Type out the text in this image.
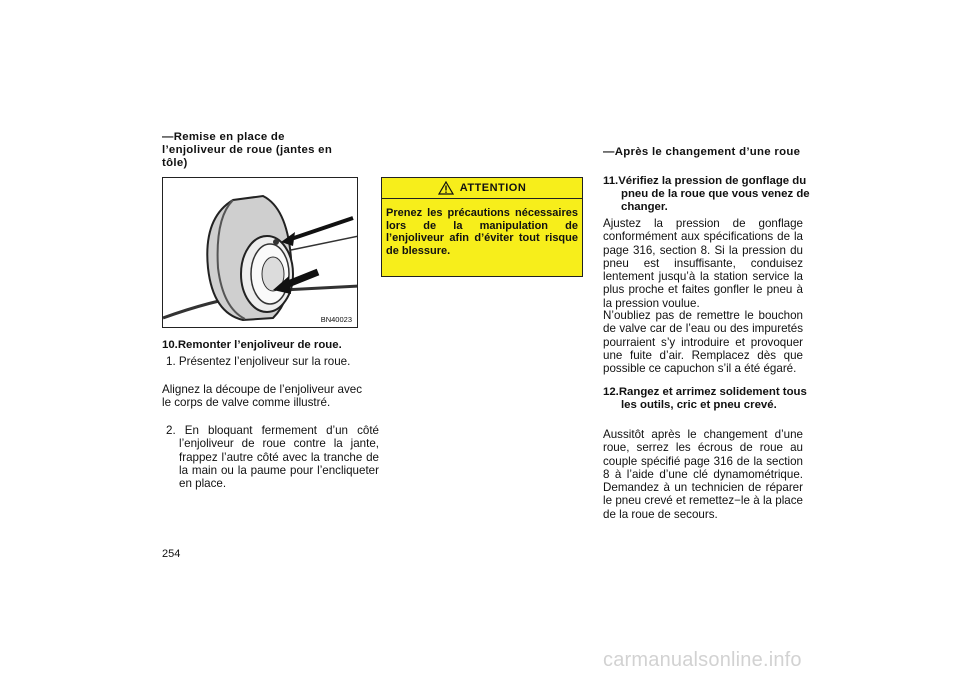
—Remise en place de l’enjoliveur de roue (jantes en tôle)
BN40023
10.Remonter l’enjoliveur de roue.
1. Présentez l’enjoliveur sur la roue.
Alignez la découpe de l’enjoliveur avec le corps de valve comme illustré.
2. En bloquant fermement d’un côté l’enjoliveur de roue contre la jante, frappez l’autre côté avec la tranche de la main ou la paume pour l’encliqueter en place.
ATTENTION
Prenez les précautions nécessaires lors de la manipulation de l’enjoliveur afin d’éviter tout risque de blessure.
—Après le changement d’une roue
11.Vérifiez la pression de gonflage du pneu de la roue que vous venez de changer.
Ajustez la pression de gonflage conformément aux spécifications de la page 316, section 8. Si la pression du pneu est insuffisante, conduisez lentement jusqu’à la station service la plus proche et faites gonfler le pneu à la pression voulue.
N’oubliez pas de remettre le bouchon de valve car de l’eau ou des impuretés pourraient s’y introduire et provoquer une fuite d’air. Remplacez dès que possible ce capuchon s’il a été égaré.
12.Rangez et arrimez solidement tous les outils, cric et pneu crevé.
Aussitôt après le changement d’une roue, serrez les écrous de roue au couple spécifié page 316 de la section 8 à l’aide d’une clé dynamométrique. Demandez à un technicien de réparer le pneu crevé et remettez−le à la place de la roue de secours.
254
carmanualsonline.info
